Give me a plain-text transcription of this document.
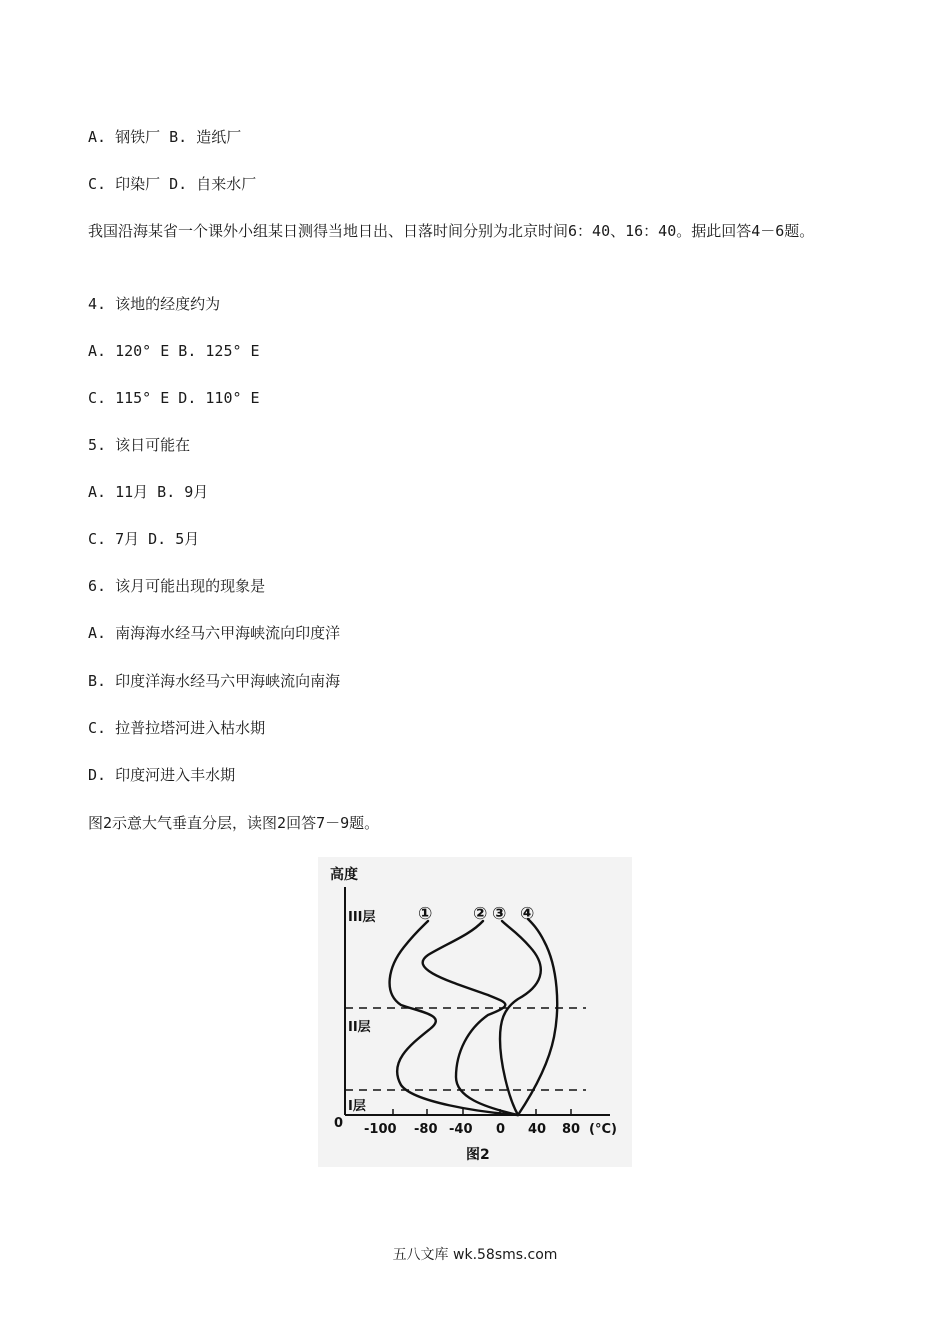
A. 钢铁厂 B. 造纸厂
C. 印染厂 D. 自来水厂
我国沿海某省一个课外小组某日测得当地日出、日落时间分别为北京时间6：40、16：40。据此回答4－6题。
4. 该地的经度约为
A. 120° E B. 125° E
C. 115° E D. 110° E
5. 该日可能在
A. 11月 B. 9月
C. 7月 D. 5月
6. 该月可能出现的现象是
A. 南海海水经马六甲海峡流向印度洋
B. 印度洋海水经马六甲海峡流向南海
C. 拉普拉塔河进入枯水期
D. 印度河进入丰水期
图2示意大气垂直分层，读图2回答7－9题。
高度
III层
II层
I层
① ② ③ ④
0 -100 -80 -40 0 40 80 (°C)
图2
五八文库 wk.58sms.com
